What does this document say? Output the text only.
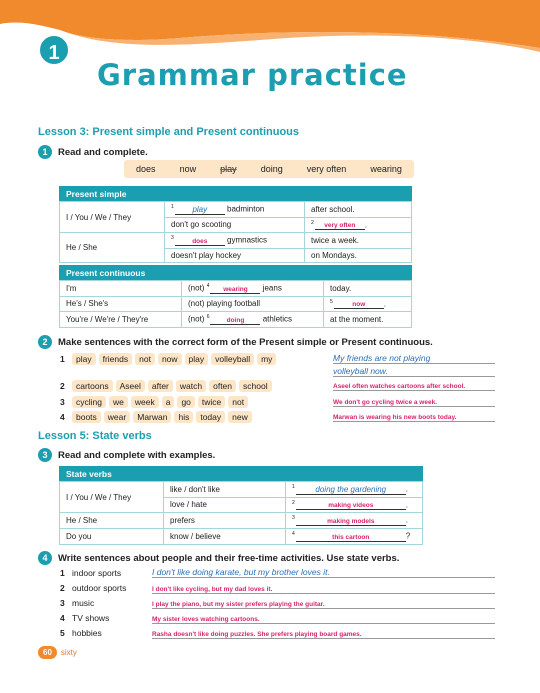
1
Grammar practice
Lesson 3: Present simple and Present continuous
1	Read and complete.
does	now	play	doing	very often	wearing
Present simple		
I / You / We / They	$^1$ play badminton	after school.
	don't go scooting	$^2$ very often .
He / She	$^3$ does gymnastics	twice a week.
	doesn't play hockey	on Mondays.
Present continuous		
I'm	(not) $^4$ wearing jeans	today.
He's / She's	(not) playing football	$^5$ now .
You're / We're / They're	(not) $^6$ doing athletics	at the moment.
2	Make sentences with the correct form of the Present simple or Present continuous.
1	play	friends	not	now	play	volleyball	my	My friends are not playing
volleyball now.
2	cartoons	Aseel	after	watch	often	school	Aseel often watches cartoons after school.
3	cycling	we	week	a	go	twice	not	We don't go cycling twice a week.
4	boots	wear	Marwan	his	today	new	Marwan is wearing his new boots today.
Lesson 5: State verbs
3	Read and complete with examples.
State verbs		
I / You / We / They	like / don't like	$^1$ doing the gardening .
	love / hate	$^2$ making videos .
He / She	prefers	$^3$ making models .
Do you	know / believe	$^4$ this cartoon ?
4	Write sentences about people and their free-time activities. Use state verbs.
1 indoor sports	I don't like doing karate, but my brother loves it.
2 outdoor sports	I don't like cycling, but my dad loves it.
3 music	I play the piano, but my sister prefers playing the guitar.
4 TV shows	My sister loves watching cartoons.
5 hobbies	Rasha doesn't like doing puzzles. She prefers playing board games.
60	sixty
